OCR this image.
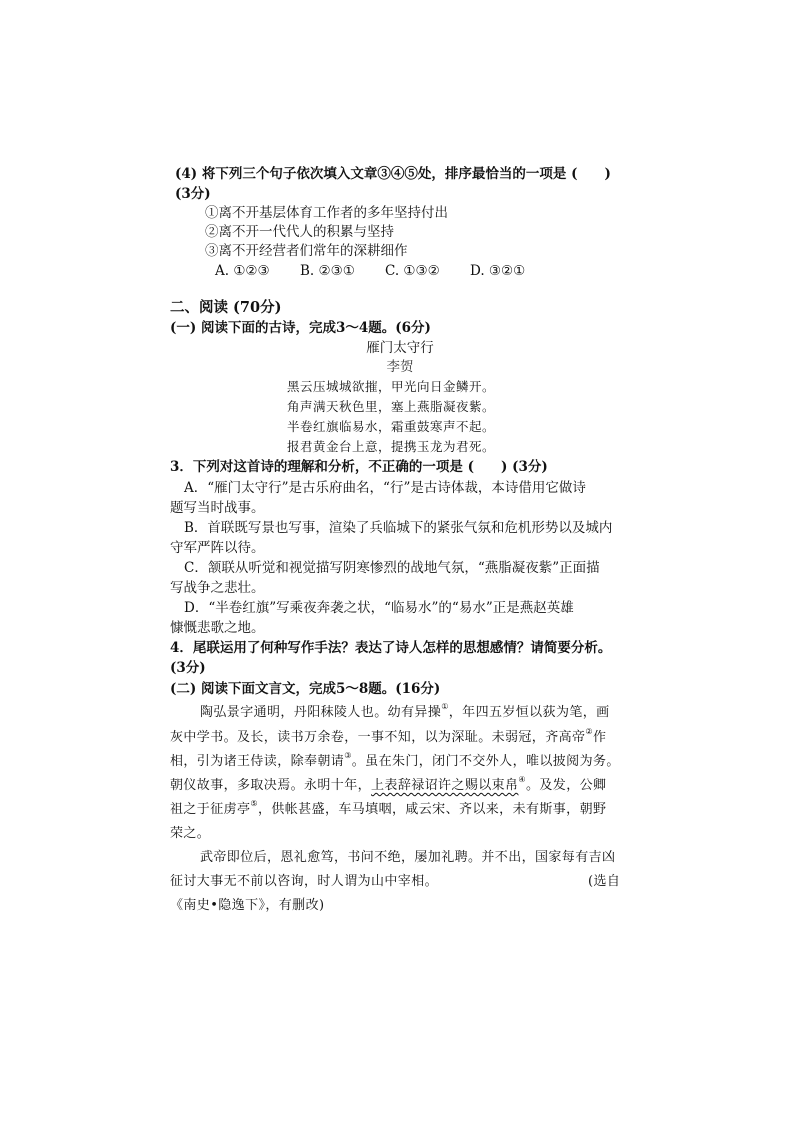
(4) 将下列三个句子依次填入文章③④⑤处，排序最恰当的一项是 (　　)
(3分)
①离不开基层体育工作者的多年坚持付出
②离不开一代代人的积累与坚持
③离不开经营者们常年的深耕细作
A. ①②③ B. ②③① C. ①③② D. ③②①
二、阅读 (70分)
(一) 阅读下面的古诗，完成3～4题。(6分)
雁门太守行
李贺
黑云压城城欲摧，甲光向日金鳞开。
角声满天秋色里，塞上燕脂凝夜紫。
半卷红旗临易水，霜重鼓寒声不起。
报君黄金台上意，提携玉龙为君死。
3．下列对这首诗的理解和分析，不正确的一项是 (　　) (3分)
A．“雁门太守行”是古乐府曲名，“行”是古诗体裁，本诗借用它做诗
题写当时战事。
B．首联既写景也写事，渲染了兵临城下的紧张气氛和危机形势以及城内
守军严阵以待。
C．颔联从听觉和视觉描写阴寒惨烈的战地气氛，“燕脂凝夜紫”正面描
写战争之悲壮。
D．“半卷红旗”写乘夜奔袭之状，“临易水”的“易水”正是燕赵英雄
慷慨悲歌之地。
4．尾联运用了何种写作手法？表达了诗人怎样的思想感情？请简要分析。
(3分)
(二) 阅读下面文言文，完成5～8题。(16分)
陶弘景字通明，丹阳秣陵人也。幼有异操①，年四五岁恒以荻为笔，画
灰中学书。及长，读书万余卷，一事不知，以为深耻。未弱冠，齐高帝②作
相，引为诸王侍读，除奉朝请③。虽在朱门，闭门不交外人，唯以披阅为务。
朝仪故事，多取决焉。永明十年，上表辞禄诏许之赐以束帛④。及发，公卿
祖之于征虏亭⑤，供帐甚盛，车马填咽，咸云宋、齐以来，未有斯事，朝野
荣之。
武帝即位后，恩礼愈笃，书问不绝，屡加礼聘。并不出，国家每有吉凶
征讨大事无不前以咨询，时人谓为山中宰相。	(选自
《南史•隐逸下》，有删改)
